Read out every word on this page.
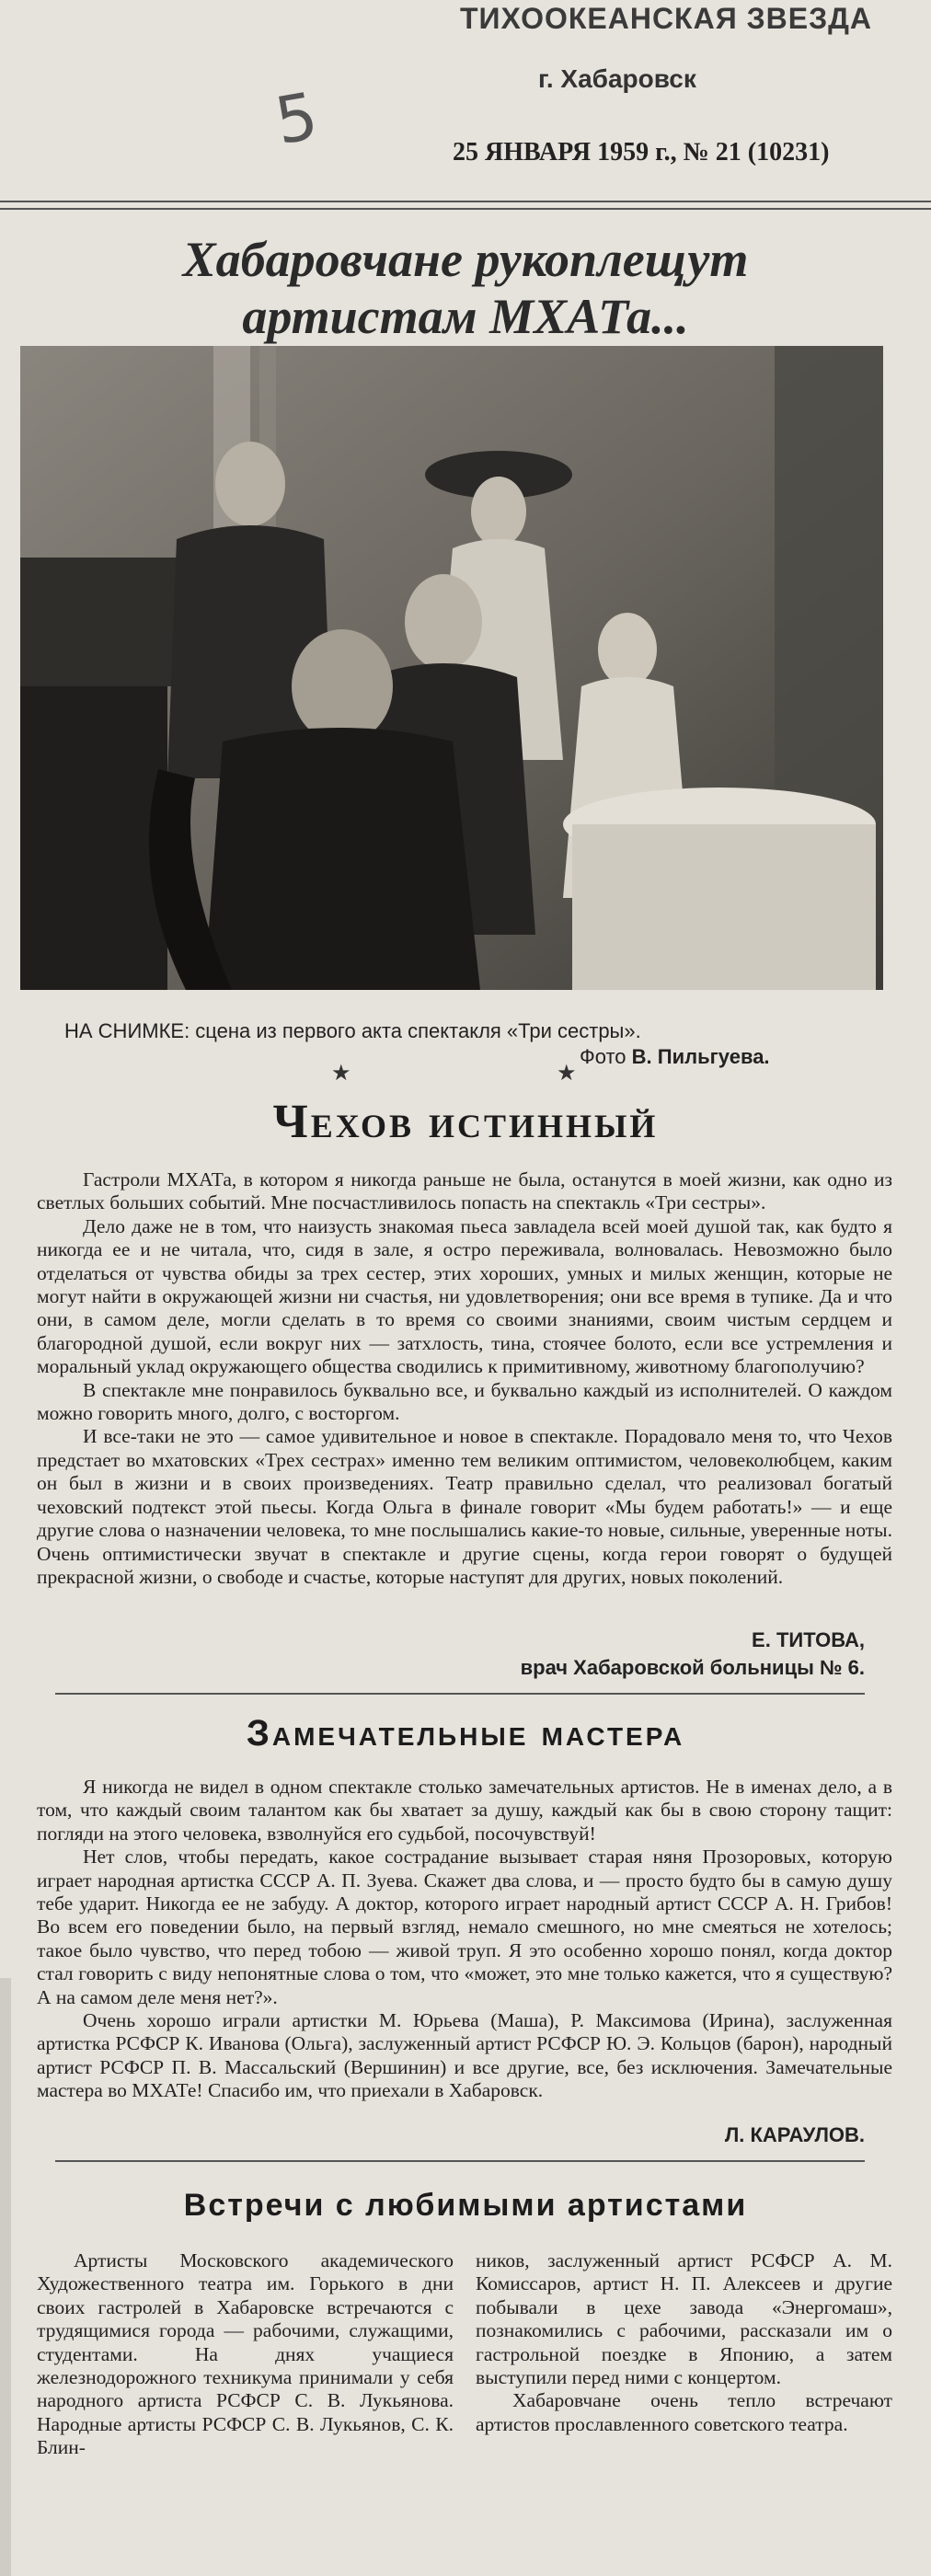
ТИХООКЕАНСКАЯ ЗВЕЗДА
г. Хабаровск
25 ЯНВАРЯ 1959 г., № 21 (10231)
5
Хабаровчане рукоплещут
артистам МХАТа...
НА СНИМКЕ: сцена из первого акта спектакля «Три сестры».
Фото В. Пильгуева.
★	★
Чехов истинный

Гастроли МХАТа, в котором я никогда раньше не была, останутся в моей жизни, как одно из светлых больших событий. Мне посчастливилось попасть на спектакль «Три сестры».

Дело даже не в том, что наизусть знакомая пьеса завладела всей моей душой так, как будто я никогда ее и не читала, что, сидя в зале, я остро переживала, волновалась. Невозможно было отделаться от чувства обиды за трех сестер, этих хороших, умных и милых женщин, которые не могут найти в окружающей жизни ни счастья, ни удовлетворения; они все время в тупике. Да и что они, в самом деле, могли сделать в то время со своими знаниями, своим чистым сердцем и благородной душой, если вокруг них — затхлость, тина, стоячее болото, если все устремления и моральный уклад окружающего общества сводились к примитивному, животному благополучию?

В спектакле мне понравилось буквально все, и буквально каждый из исполнителей. О каждом можно говорить много, долго, с восторгом.

И все-таки не это — самое удивительное и новое в спектакле. Порадовало меня то, что Чехов предстает во мхатовских «Трех сестрах» именно тем великим оптимистом, человеколюбцем, каким он был в жизни и в своих произведениях. Театр правильно сделал, что реализовал богатый чеховский подтекст этой пьесы. Когда Ольга в финале говорит «Мы будем работать!» — и еще другие слова о назначении человека, то мне послышались какие-то новые, сильные, уверенные ноты. Очень оптимистически звучат в спектакле и другие сцены, когда герои говорят о будущей прекрасной жизни, о свободе и счастье, которые наступят для других, новых поколений.

Е. ТИТОВА,
врач Хабаровской больницы № 6.
Замечательные мастера

Я никогда не видел в одном спектакле столько замечательных артистов. Не в именах дело, а в том, что каждый своим талантом как бы хватает за душу, каждый как бы в свою сторону тащит: погляди на этого человека, взволнуйся его судьбой, посочувствуй!

Нет слов, чтобы передать, какое сострадание вызывает старая няня Прозоровых, которую играет народная артистка СССР А. П. Зуева. Скажет два слова, и — просто будто бы в самую душу тебе ударит. Никогда ее не забуду. А доктор, которого играет народный артист СССР А. Н. Грибов! Во всем его поведении было, на первый взгляд, немало смешного, но мне смеяться не хотелось; такое было чувство, что перед тобою — живой труп. Я это особенно хорошо понял, когда доктор стал говорить с виду непонятные слова о том, что «может, это мне только кажется, что я существую? А на самом деле меня нет?».

Очень хорошо играли артистки М. Юрьева (Маша), Р. Максимова (Ирина), заслуженная артистка РСФСР К. Иванова (Ольга), заслуженный артист РСФСР Ю. Э. Кольцов (барон), народный артист РСФСР П. В. Массальский (Вершинин) и все другие, все, без исключения. Замечательные мастера во МХАТе! Спасибо им, что приехали в Хабаровск.

Л. КАРАУЛОВ.
Встречи с любимыми артистами

Артисты Московского академического Художественного театра им. Горького в дни своих гастролей в Хабаровске встречаются с трудящимися города — рабочими, служащими, студентами. На днях учащиеся железнодорожного техникума принимали у себя народного артиста РСФСР С. В. Лукьянова. Народные артисты РСФСР С. В. Лукьянов, С. К. Блин-

ников, заслуженный артист РСФСР А. М. Комиссаров, артист Н. П. Алексеев и другие побывали в цехе завода «Энергомаш», познакомились с рабочими, рассказали им о гастрольной поездке в Японию, а затем выступили перед ними с концертом.

Хабаровчане очень тепло встречают артистов прославленного советского театра.
